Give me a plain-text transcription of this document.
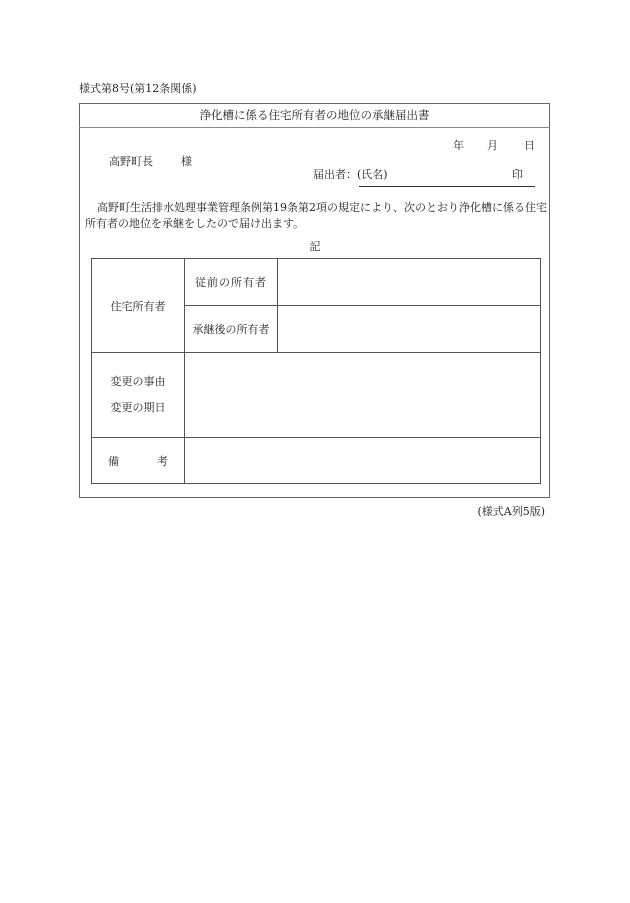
様式第8号(第12条関係)
浄化槽に係る住宅所有者の地位の承継届出書
年 月 日
高野町長	様
届出者：(氏名)	印
高野町生活排水処理事業管理条例第19条第2項の規定により、次のとおり浄化槽に係る住宅所有者の地位を承継をしたので届け出ます。
記
住宅所有者	従前の所有者	
	承継後の所有者	

変更の事由
変更の期日		

備 考		

(様式A列5版)
